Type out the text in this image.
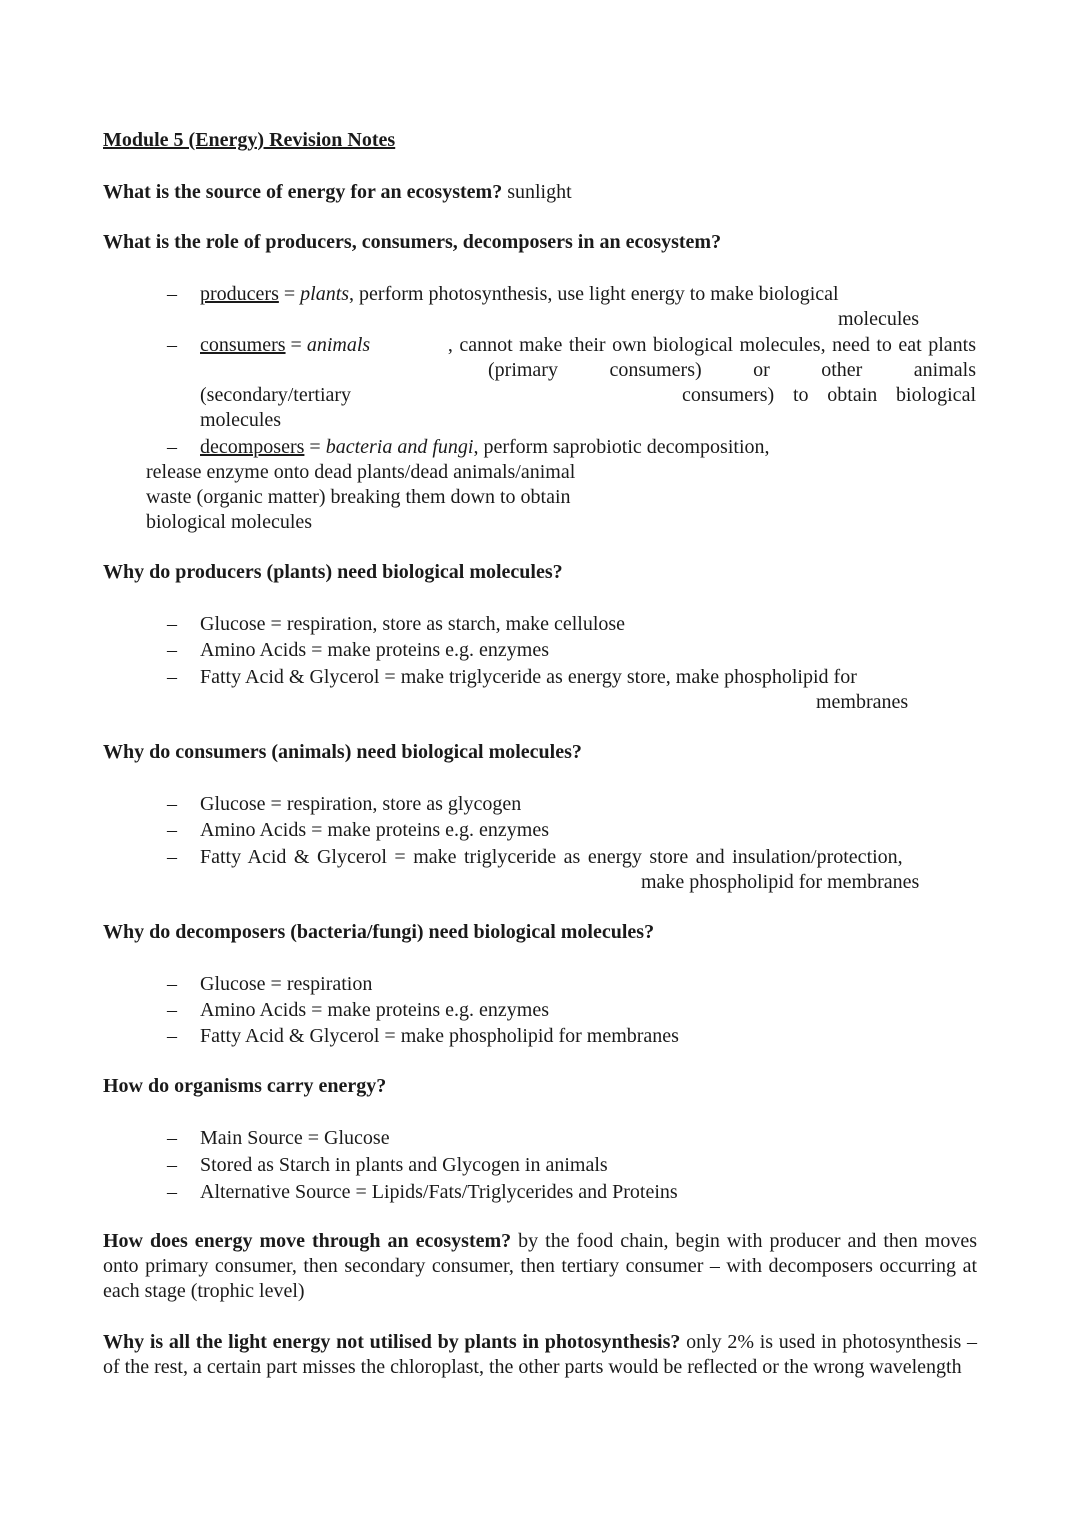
Module 5 (Energy) Revision Notes
What is the source of energy for an ecosystem? sunlight
What is the role of producers, consumers, decomposers in an ecosystem?
– producers = plants, perform photosynthesis, use light energy to make biological
molecules
– consumers = animals	, cannot make their own biological molecules, need to eat plants
(primary	consumers)	or	other	animals
(secondary/tertiary	consumers) to obtain biological
molecules
– decomposers = bacteria and fungi, perform saprobiotic decomposition,
release enzyme onto dead plants/dead animals/animal
waste (organic matter) breaking them down to obtain
biological molecules
Why do producers (plants) need biological molecules?
– Glucose = respiration, store as starch, make cellulose
– Amino Acids = make proteins e.g. enzymes
– Fatty Acid & Glycerol = make triglyceride as energy store, make phospholipid for
membranes
Why do consumers (animals) need biological molecules?
– Glucose = respiration, store as glycogen
– Amino Acids = make proteins e.g. enzymes
– Fatty Acid & Glycerol = make triglyceride as energy store and insulation/protection,
make phospholipid for membranes
Why do decomposers (bacteria/fungi) need biological molecules?
– Glucose = respiration
– Amino Acids = make proteins e.g. enzymes
– Fatty Acid & Glycerol = make phospholipid for membranes
How do organisms carry energy?
– Main Source = Glucose
– Stored as Starch in plants and Glycogen in animals
– Alternative Source = Lipids/Fats/Triglycerides and Proteins
How does energy move through an ecosystem? by the food chain, begin with producer and then moves onto primary consumer, then secondary consumer, then tertiary consumer – with decomposers occurring at each stage (trophic level)
Why is all the light energy not utilised by plants in photosynthesis? only 2% is used in photosynthesis – of the rest, a certain part misses the chloroplast, the other parts would be reflected or the wrong wavelength
